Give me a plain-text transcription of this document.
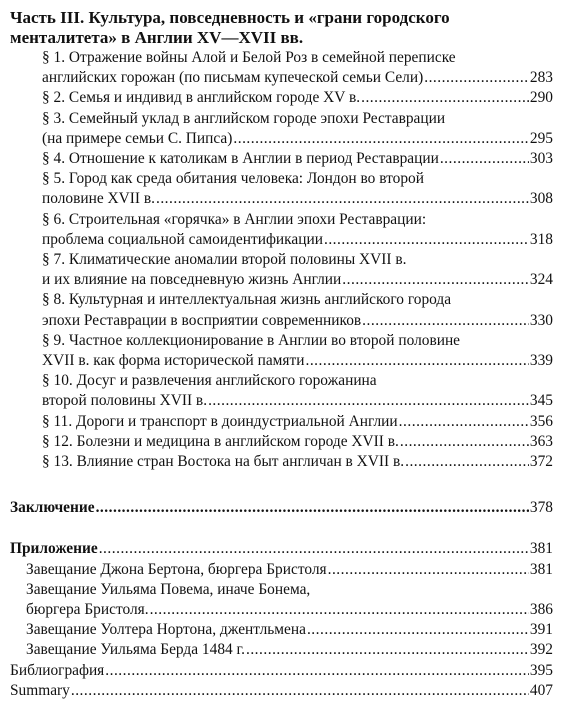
Часть III. Культура, повседневность и «грани городского
менталитета» в Англии XV—XVII вв.
§ 1. Отражение войны Алой и Белой Роз в семейной переписке
английских горожан (по письмам купеческой семьи Сели) .....	283
§ 2. Семья и индивид в английском городе XV в. .....	290
§ 3. Семейный уклад в английском городе эпохи Реставрации
(на примере семьи С. Пипса) .....	295
§ 4. Отношение к католикам в Англии в период Реставрации .....	303
§ 5. Город как среда обитания человека: Лондон во второй
половине XVII в. .....	308
§ 6. Строительная «горячка» в Англии эпохи Реставрации:
проблема социальной самоидентификации .....	318
§ 7. Климатические аномалии второй половины XVII в.
и их влияние на повседневную жизнь Англии .....	324
§ 8. Культурная и интеллектуальная жизнь английского города
эпохи Реставрации в восприятии современников .....	330
§ 9. Частное коллекционирование в Англии во второй половине
XVII в. как форма исторической памяти .....	339
§ 10. Досуг и развлечения английского горожанина
второй половины XVII в. .....	345
§ 11. Дороги и транспорт в доиндустриальной Англии .....	356
§ 12. Болезни и медицина в английском городе XVII в. .....	363
§ 13. Влияние стран Востока на быт англичан в XVII в. .....	372
Заключение .....	378
Приложение .....	381
Завещание Джона Бертона, бюргера Бристоля .....	381
Завещание Уильяма Повема, иначе Бонема,
бюргера Бристоля. .....	386
Завещание Уолтера Нортона, джентльмена .....	391
Завещание Уильяма Берда 1484 г. .....	392
Библиография .....	395
Summary .....	407
